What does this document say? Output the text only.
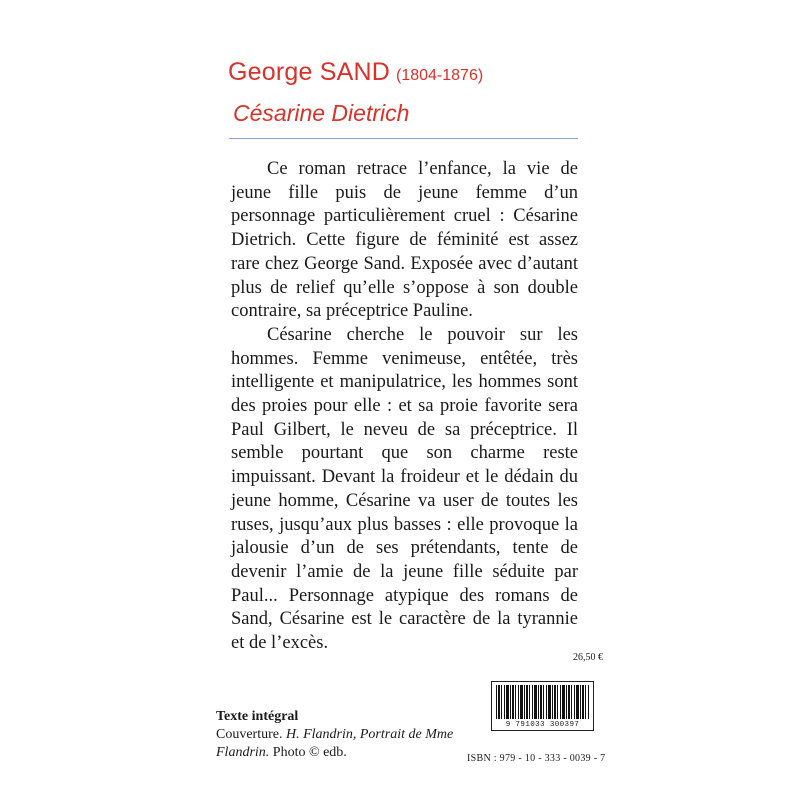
George SAND (1804-1876)
Césarine Dietrich

Ce roman retrace l’enfance, la vie de jeune fille puis de jeune femme d’un personnage particulièrement cruel : Césarine Dietrich. Cette figure de féminité est assez rare chez George Sand. Exposée avec d’autant plus de relief qu’elle s’oppose à son double contraire, sa préceptrice Pauline.

Césarine cherche le pouvoir sur les hommes. Femme venimeuse, entêtée, très intelligente et manipulatrice, les hommes sont des proies pour elle : et sa proie favorite sera Paul Gilbert, le neveu de sa préceptrice. Il semble pourtant que son charme reste impuissant. Devant la froideur et le dédain du jeune homme, Césarine va user de toutes les ruses, jusqu’aux plus basses : elle provoque la jalousie d’un de ses prétendants, tente de devenir l’amie de la jeune fille séduite par Paul... Personnage atypique des romans de Sand, Césarine est le caractère de la tyrannie et de l’excès.

26,50 €
9 791033 300397
ISBN : 979 - 10 - 333 - 0039 - 7
Texte intégral
Couverture. H. Flandrin, Portrait de Mme
Flandrin. Photo © edb.
